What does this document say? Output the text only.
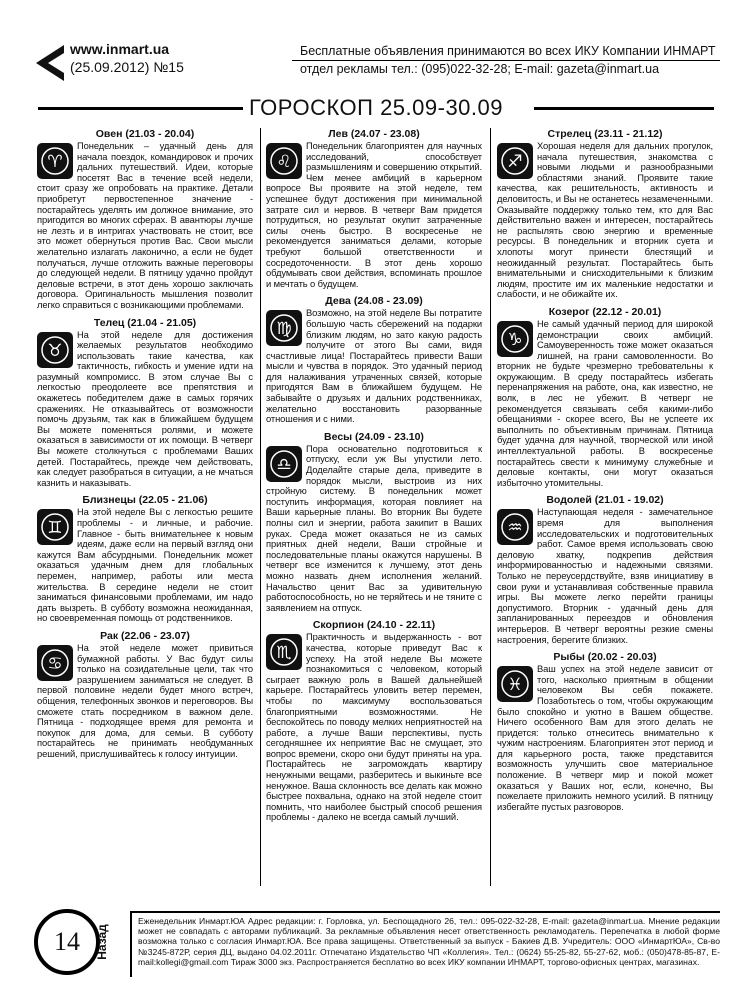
www.inmart.ua
(25.09.2012) №15
Бесплатные объявления принимаются во всех ИКУ Компании ИНМАРТ
отдел рекламы тел.: (095)022-32-28; E-mail: gazeta@inmart.ua
ГОРОСКОП 25.09-30.09
Овен (21.03 - 20.04)
♈

Понедельник – удачный день для начала поездок, командировок и прочих дальних путешествий. Идеи, которые посетят Вас в течение всей недели, стоит сразу же опробовать на практике. Детали приобретут первостепенное значение - постарайтесь уделять им должное внимание, это пригодится во многих сферах. В авантюры лучше не лезть и в интригах участвовать не стоит, все это может обернуться против Вас. Свои мысли желательно излагать лаконично, а если не будет получаться, лучше отложить важные переговоры до следующей недели. В пятницу удачно пройдут деловые встречи, в этот день хорошо заключать договора. Оригинальность мышления позволит легко справиться с возникающими проблемами.

Телец (21.04 - 21.05)
♉

На этой неделе для достижения желаемых результатов необходимо использовать такие качества, как тактичность, гибкость и умение идти на разумный компромисс. В этом случае Вы с легкостью преодолеете все препятствия и окажетесь победителем даже в самых горячих сражениях. Не отказывайтесь от возможности помочь друзьям, так как в ближайшем будущем Вы можете поменяться ролями, и можете оказаться в зависимости от их помощи. В четверг Вы можете столкнуться с проблемами Ваших детей. Постарайтесь, прежде чем действовать, как следует разобраться в ситуации, а не мчаться казнить и наказывать.

Близнецы (22.05 - 21.06)
♊

На этой неделе Вы с легкостью решите проблемы - и личные, и рабочие. Главное - быть внимательнее к новым идеям, даже если на первый взгляд они кажутся Вам абсурдными. Понедельник может оказаться удачным днем для глобальных перемен, например, работы или места жительства. В середине недели не стоит заниматься финансовыми проблемами, им надо дать вызреть. В субботу возможна неожиданная, но своевременная помощь от родственников.

Рак (22.06 - 23.07)
♋

На этой неделе может привиться бумажной работы. У Вас будут силы только на созидательные цели, так что разрушением заниматься не следует. В первой половине недели будет много встреч, общения, телефонных звонков и переговоров. Вы сможете стать посредником в важном деле. Пятница - подходящее время для ремонта и покупок для дома, для семьи. В субботу постарайтесь не принимать необдуманных решений, прислушивайтесь к голосу интуиции.

Лев (24.07 - 23.08)
♌

Понедельник благоприятен для научных исследований, способствует размышлениям и совершению открытий. Чем менее амбиций в карьерном вопросе Вы проявите на этой неделе, тем успешнее будут достижения при минимальной затрате сил и нервов. В четверг Вам придется потрудиться, но результат окупит затраченные силы очень быстро. В воскресенье не рекомендуется заниматься делами, которые требуют большой ответственности и сосредоточенности. В этот день хорошо обдумывать свои действия, вспоминать прошлое и мечтать о будущем.

Дева (24.08 - 23.09)
♍

Возможно, на этой неделе Вы потратите большую часть сбережений на подарки близким людям, но зато какую радость получите от этого Вы сами, видя счастливые лица! Постарайтесь привести Ваши мысли и чувства в порядок. Это удачный период для налаживания утраченных связей, которые пригодятся Вам в ближайшем будущем. Не забывайте о друзьях и дальних родственниках, желательно восстановить разорванные отношения и с ними.

Весы (24.09 - 23.10)
♎

Пора основательно подготовиться к отпуску, если уж Вы упустили лето. Доделайте старые дела, приведите в порядок мысли, выстроив из них стройную систему. В понедельник может поступить информация, которая повлияет на Ваши карьерные планы. Во вторник Вы будете полны сил и энергии, работа закипит в Ваших руках. Среда может оказаться не из самых приятных дней недели, Ваши стройные и последовательные планы окажутся нарушены. В четверг все изменится к лучшему, этот день можно назвать днем исполнения желаний. Начальство ценит Вас за удивительную работоспособность, но не теряйтесь и не тяните с заявлением на отпуск.

Скорпион (24.10 - 22.11)
♏

Практичность и выдержанность - вот качества, которые приведут Вас к успеху. На этой неделе Вы можете познакомиться с человеком, который сыграет важную роль в Вашей дальнейшей карьере. Постарайтесь уловить ветер перемен, чтобы по максимуму воспользоваться благоприятными возможностями. Не беспокойтесь по поводу мелких неприятностей на работе, а лучше Ваши перспективы, пусть сегодняшнее их неприятие Вас не смущает, это вопрос времени, скоро они будут приняты на ура. Постарайтесь не загромождать квартиру ненужными вещами, разберитесь и выкиньте все ненужное. Ваша склонность все делать как можно быстрее похвальна, однако на этой неделе стоит помнить, что наиболее быстрый способ решения проблемы - далеко не всегда самый лучший.

Стрелец (23.11 - 21.12)
♐

Хорошая неделя для дальних прогулок, начала путешествия, знакомства с новыми людьми и разнообразными областями знаний. Проявите такие качества, как решительность, активность и деловитость, и Вы не останетесь незамеченными. Оказывайте поддержку только тем, кто для Вас действительно важен и интересен, постарайтесь не распылять свою энергию и временные ресурсы. В понедельник и вторник суета и хлопоты могут принести блестящий и неожиданный результат. Постарайтесь быть внимательными и снисходительными к близким людям, простите им их маленькие недостатки и слабости, и не обижайте их.

Козерог (22.12 - 20.01)
♑

Не самый удачный период для широкой демонстрации своих амбиций. Самоуверенность тоже может оказаться лишней, на грани самоволенности. Во вторник не будьте чрезмерно требовательны к окружающим. В среду постарайтесь избегать перенапряжения на работе, она, как известно, не волк, в лес не убежит. В четверг не рекомендуется связывать себя какими-либо обещаниями - скорее всего, Вы не успеете их выполнить по объективным причинам. Пятница будет удачна для научной, творческой или иной интеллектуальной работы. В воскресенье постарайтесь свести к минимуму служебные и деловые контакты, они могут оказаться избыточно утомительны.

Водолей (21.01 - 19.02)
♒

Наступающая неделя - замечательное время для выполнения исследовательских и подготовительных работ. Самое время использовать свою деловую хватку, подкрепив действия информированностью и надежными связями. Только не переусердствуйте, взяв инициативу в свои руки и устанавливая собственные правила игры. Вы можете легко перейти границы допустимого. Вторник - удачный день для запланированных переездов и обновления интерьеров. В четверг вероятны резкие смены настроения, берегите близких.

Рыбы (20.02 - 20.03)
♓

Ваш успех на этой неделе зависит от того, насколько приятным в общении человеком Вы себя покажете. Позаботьтесь о том, чтобы окружающим было спокойно и уютно в Вашем обществе. Ничего особенного Вам для этого делать не придется: только отнеситесь внимательно к чужим настроениям. Благоприятен этот период и для карьерного роста, также представится возможность улучшить свое материальное положение. В четверг мир и покой может оказаться у Ваших ног, если, конечно, Вы пожелаете приложить немного усилий. В пятницу избегайте пустых разговоров.

14	Назад

Еженедельник Инмарт.ЮА Адрес редакции: г. Горловка, ул. Беспощадного 26, тел.: 095-022-32-28, E-mail: gazeta@inmart.ua. Мнение редакции может не совпадать с авторами публикаций. За рекламные объявления несет ответственность рекламодатель. Перепечатка в любой форме возможна только с согласия Инмарт.ЮА. Все права защищены. Ответственный за выпуск - Бакиев Д.В. Учредитель: ООО «ИнмартЮА», Св-во №3245-872Р, серия ДЦ, выдано 04.02.2011г. Отпечатано Издательство ЧП «Коллегия». Тел.: (0624) 55-25-82, 55-27-62, моб.: (050)478-85-87, E-mail:kollegi@gmail.com Тираж 3000 экз. Распространяется бесплатно во всех ИКУ компании ИНМАРТ, торгово-офисных центрах, магазинах.
